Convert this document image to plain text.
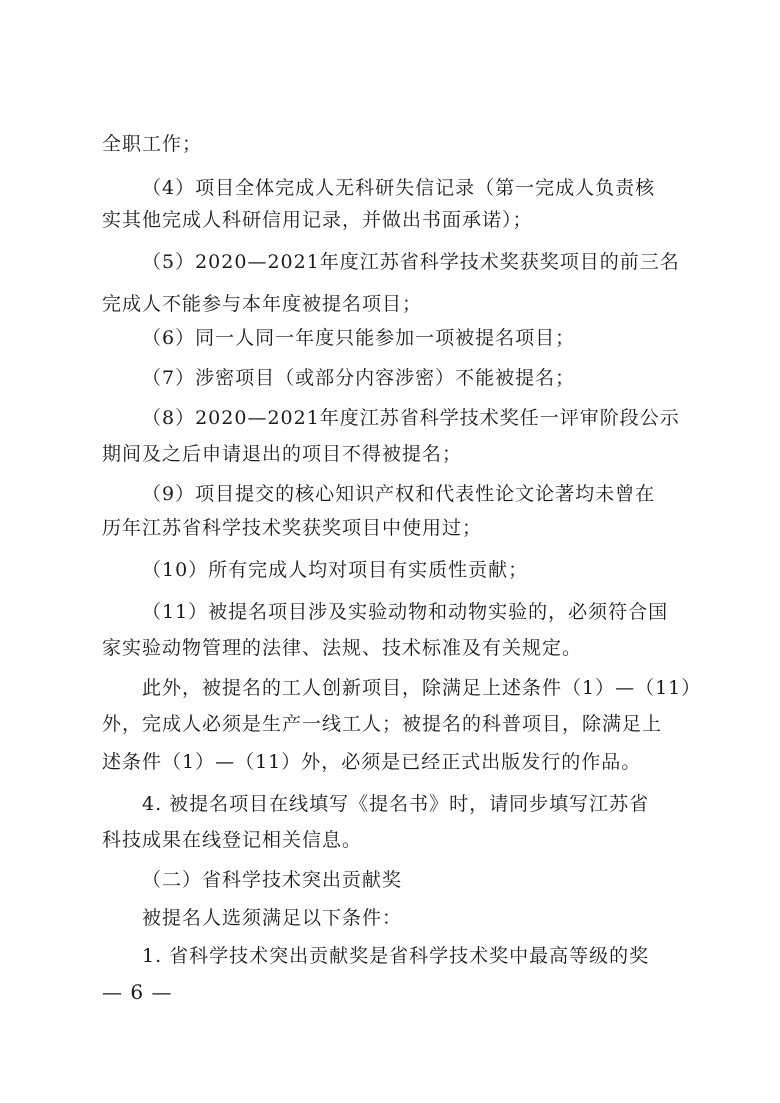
全职工作；
（4）项目全体完成人无科研失信记录（第一完成人负责核
实其他完成人科研信用记录，并做出书面承诺）；
（5）2020—2021年度江苏省科学技术奖获奖项目的前三名
完成人不能参与本年度被提名项目；
（6）同一人同一年度只能参加一项被提名项目；
（7）涉密项目（或部分内容涉密）不能被提名；
（8）2020—2021年度江苏省科学技术奖任一评审阶段公示
期间及之后申请退出的项目不得被提名；
（9）项目提交的核心知识产权和代表性论文论著均未曾在
历年江苏省科学技术奖获奖项目中使用过；
（10）所有完成人均对项目有实质性贡献；
（11）被提名项目涉及实验动物和动物实验的，必须符合国
家实验动物管理的法律、法规、技术标准及有关规定。
此外，被提名的工人创新项目，除满足上述条件（1）—（11）
外，完成人必须是生产一线工人；被提名的科普项目，除满足上
述条件（1）—（11）外，必须是已经正式出版发行的作品。
4. 被提名项目在线填写《提名书》时，请同步填写江苏省
科技成果在线登记相关信息。
（二）省科学技术突出贡献奖
被提名人选须满足以下条件：
1. 省科学技术突出贡献奖是省科学技术奖中最高等级的奖
— 6 —
